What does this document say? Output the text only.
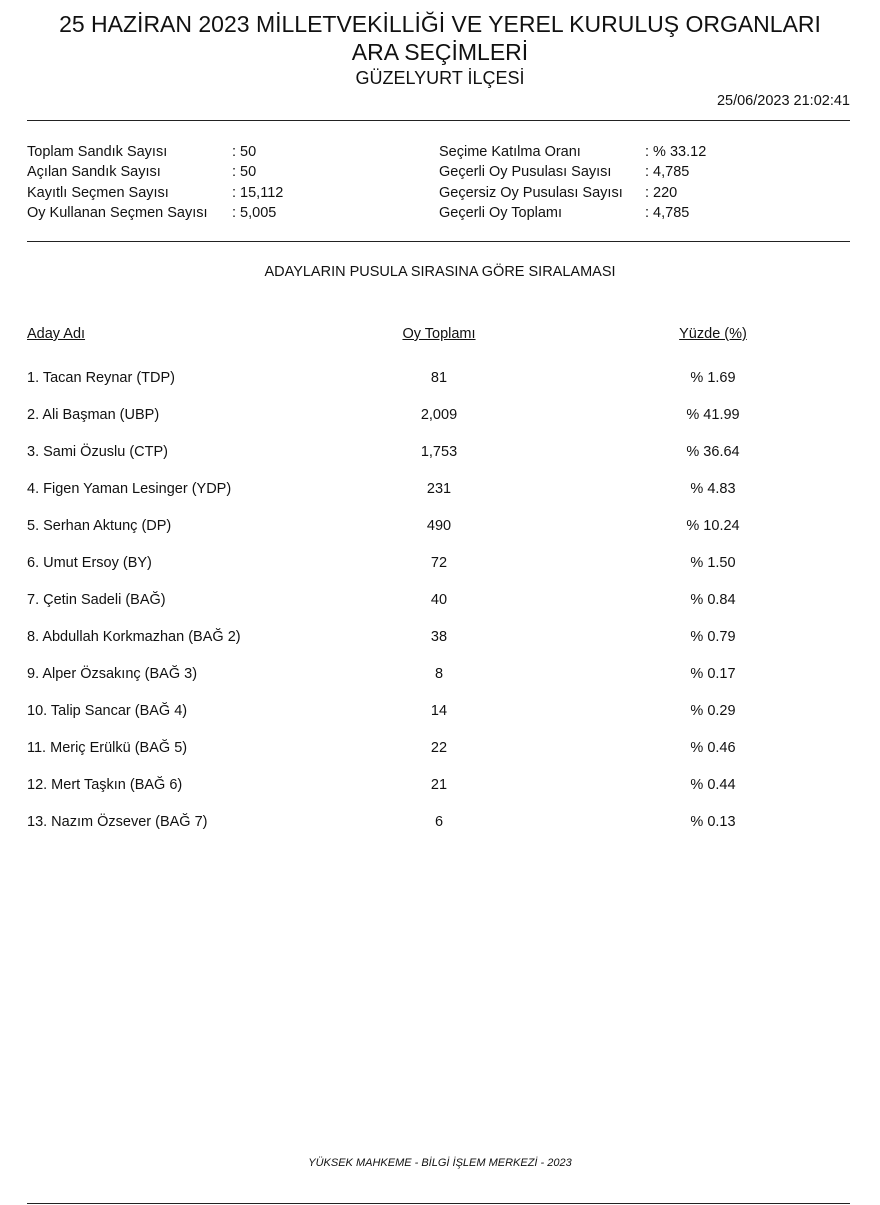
25 HAZİRAN 2023 MİLLETVEKİLLİĞİ VE YEREL KURULUŞ ORGANLARI
ARA SEÇİMLERİ
GÜZELYURT İLÇESİ
25/06/2023 21:02:41
Toplam Sandık Sayısı	: 50
Açılan Sandık Sayısı	: 50
Kayıtlı Seçmen Sayısı	: 15,112
Oy Kullanan Seçmen Sayısı	: 5,005
Seçime Katılma Oranı	: % 33.12
Geçerli Oy Pusulası Sayısı	: 4,785
Geçersiz Oy Pusulası Sayısı	: 220
Geçerli Oy Toplamı	: 4,785
ADAYLARIN PUSULA SIRASINA GÖRE SIRALAMASI
Aday Adı	Oy Toplamı	Yüzde (%)
1. Tacan Reynar (TDP)	81	% 1.69
2. Ali Başman (UBP)	2,009	% 41.99
3. Sami Özuslu (CTP)	1,753	% 36.64
4. Figen Yaman Lesinger (YDP)	231	% 4.83
5. Serhan Aktunç (DP)	490	% 10.24
6. Umut Ersoy (BY)	72	% 1.50
7. Çetin Sadeli (BAĞ)	40	% 0.84
8. Abdullah Korkmazhan (BAĞ 2)	38	% 0.79
9. Alper Özsakınç (BAĞ 3)	8	% 0.17
10. Talip Sancar (BAĞ 4)	14	% 0.29
11. Meriç Erülkü (BAĞ 5)	22	% 0.46
12. Mert Taşkın (BAĞ 6)	21	% 0.44
13. Nazım Özsever (BAĞ 7)	6	% 0.13
YÜKSEK MAHKEME - BİLGİ İŞLEM MERKEZİ - 2023
